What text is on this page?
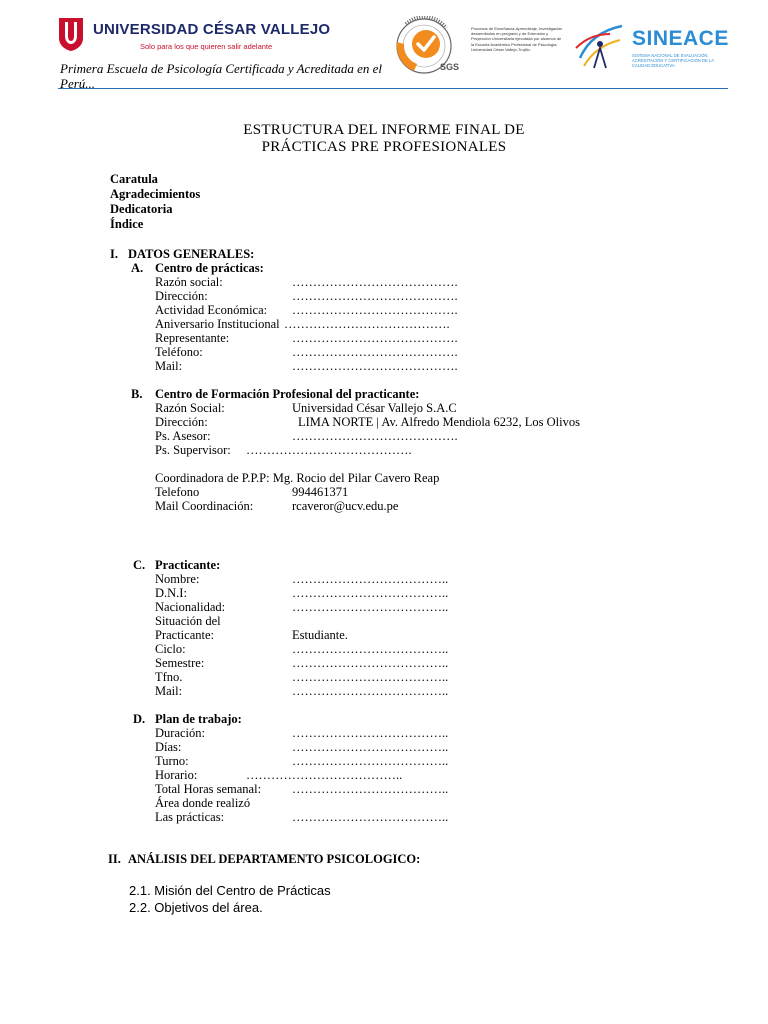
UNIVERSIDAD CÉSAR VALLEJO
Solo para los que quieren salir adelante
Primera Escuela de Psicología Certificada y Acreditada en el Perú...
SGS
Procesos de Enseñanza-Aprendizaje, Investigación desarrollados en pregrado y de Extensión y Proyección Universitaria ejecutada por alumnos de la Escuela Académico Profesional de Psicología, Universidad César Vallejo-Trujillo.	SINEACE
SISTEMA NACIONAL DE EVALUACIÓN, ACREDITACIÓN Y CERTIFICACIÓN DE LA CALIDAD EDUCATIVA
ESTRUCTURA DEL INFORME FINAL DE
PRÁCTICAS PRE PROFESIONALES
Caratula
Agradecimientos
Dedicatoria
Índice
I. DATOS GENERALES:
A. Centro de prácticas:
Razón social:	………………………………….
Dirección:	………………………………….
Actividad Económica: ………………………………….
Aniversario Institucional ………………………………….
Representante:	………………………………….
Teléfono:	………………………………….
Mail:	………………………………….
B. Centro de Formación Profesional del practicante:
Razón Social:	Universidad César Vallejo S.A.C
Dirección:	LIMA NORTE | Av. Alfredo Mendiola 6232, Los Olivos
Ps. Asesor:	………………………………….
Ps. Supervisor: ………………………………….
Coordinadora de P.P.P: Mg. Rocio del Pilar Cavero Reap
Telefono	994461371
Mail Coordinación:	rcaveror@ucv.edu.pe
C. Practicante:
Nombre:	………………………………..
D.N.I:	………………………………..
Nacionalidad:	………………………………..
Situación del
Practicante:	Estudiante.
Ciclo:	………………………………..
Semestre:	………………………………..
Tfno.	………………………………..
Mail:	………………………………..
D. Plan de trabajo:
Duración:	………………………………..
Días:	………………………………..
Turno:	………………………………..
Horario:	………………………………..
Total Horas semanal: ………………………………..
Área donde realizó
Las prácticas:	………………………………..
II. ANÁLISIS DEL DEPARTAMENTO PSICOLOGICO:
2.1. Misión del Centro de Prácticas
2.2. Objetivos del área.
